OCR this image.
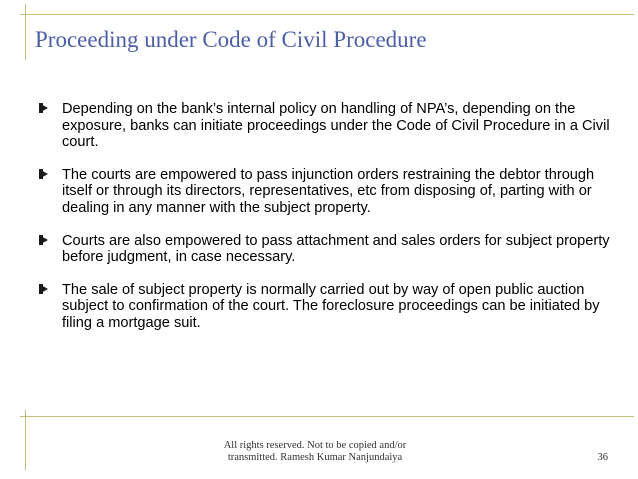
Proceeding under Code of Civil Procedure
Depending on the bank’s internal policy on handling of NPA’s, depending on the exposure, banks can initiate proceedings under the Code of Civil Procedure in a Civil court.
The courts are empowered to pass injunction orders restraining the debtor through itself or through its directors, representatives, etc from disposing of, parting with or dealing in any manner with the subject property.
Courts are also empowered to pass attachment and sales orders for subject property before judgment, in case necessary.
The sale of subject property is normally carried out by way of open public auction subject to confirmation of the court. The foreclosure proceedings can be initiated by filing a mortgage suit.
All rights reserved. Not to be copied and/or
transmitted. Ramesh Kumar Nanjundaiya	36
